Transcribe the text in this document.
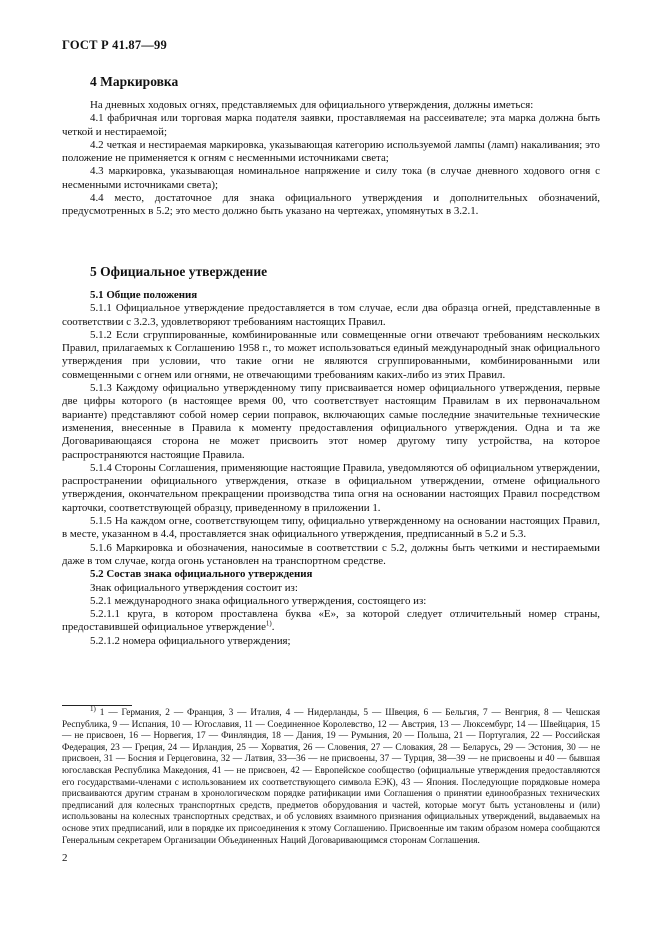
ГОСТ Р 41.87—99
4 Маркировка

На дневных ходовых огнях, представляемых для официального утверждения, должны иметься:

4.1 фабричная или торговая марка подателя заявки, проставляемая на рассеивателе; эта марка должна быть четкой и нестираемой;

4.2 четкая и нестираемая маркировка, указывающая категорию используемой лампы (ламп) накаливания; это положение не применяется к огням с несменными источниками света;

4.3 маркировка, указывающая номинальное напряжение и силу тока (в случае дневного ходового огня с несменными источниками света);

4.4 место, достаточное для знака официального утверждения и дополнительных обозначений, предусмотренных в 5.2; это место должно быть указано на чертежах, упомянутых в 3.2.1.

5 Официальное утверждение

5.1 Общие положения

5.1.1 Официальное утверждение предоставляется в том случае, если два образца огней, представленные в соответствии с 3.2.3, удовлетворяют требованиям настоящих Правил.

5.1.2 Если сгруппированные, комбинированные или совмещенные огни отвечают требованиям нескольких Правил, прилагаемых к Соглашению 1958 г., то может использоваться единый международный знак официального утверждения при условии, что такие огни не являются сгруппированными, комбинированными или совмещенными с огнем или огнями, не отвечающими требованиям каких-либо из этих Правил.

5.1.3 Каждому официально утвержденному типу присваивается номер официального утверждения, первые две цифры которого (в настоящее время 00, что соответствует настоящим Правилам в их первоначальном варианте) представляют собой номер серии поправок, включающих самые последние значительные технические изменения, внесенные в Правила к моменту предоставления официального утверждения. Одна и та же Договаривающаяся сторона не может присвоить этот номер другому типу устройства, на которое распространяются настоящие Правила.

5.1.4 Стороны Соглашения, применяющие настоящие Правила, уведомляются об официальном утверждении, распространении официального утверждения, отказе в официальном утверждении, отмене официального утверждения, окончательном прекращении производства типа огня на основании настоящих Правил посредством карточки, соответствующей образцу, приведенному в приложении 1.

5.1.5 На каждом огне, соответствующем типу, официально утвержденному на основании настоящих Правил, в месте, указанном в 4.4, проставляется знак официального утверждения, предписанный в 5.2 и 5.3.

5.1.6 Маркировка и обозначения, наносимые в соответствии с 5.2, должны быть четкими и нестираемыми даже в том случае, когда огонь установлен на транспортном средстве.

5.2 Состав знака официального утверждения

Знак официального утверждения состоит из:

5.2.1 международного знака официального утверждения, состоящего из:

5.2.1.1 круга, в котором проставлена буква «Е», за которой следует отличительный номер страны, предоставившей официальное утверждение$^{1)}$.

5.2.1.2 номера официального утверждения;

$^{1)}$ 1 — Германия, 2 — Франция, 3 — Италия, 4 — Нидерланды, 5 — Швеция, 6 — Бельгия, 7 — Венгрия, 8 — Чешская Республика, 9 — Испания, 10 — Югославия, 11 — Соединенное Королевство, 12 — Австрия, 13 — Люксембург, 14 — Швейцария, 15 — не присвоен, 16 — Норвегия, 17 — Финляндия, 18 — Дания, 19 — Румыния, 20 — Польша, 21 — Португалия, 22 — Российская Федерация, 23 — Греция, 24 — Ирландия, 25 — Хорватия, 26 — Словения, 27 — Словакия, 28 — Беларусь, 29 — Эстония, 30 — не присвоен, 31 — Босния и Герцеговина, 32 — Латвия, 33—36 — не присвоены, 37 — Турция, 38—39 — не присвоены и 40 — бывшая югославская Республика Македония, 41 — не присвоен, 42 — Европейское сообщество (официальные утверждения предоставляются его государствами-членами с использованием их соответствующего символа ЕЭК), 43 — Япония. Последующие порядковые номера присваиваются другим странам в хронологическом порядке ратификации ими Соглашения о принятии единообразных технических предписаний для колесных транспортных средств, предметов оборудования и частей, которые могут быть установлены и (или) использованы на колесных транспортных средствах, и об условиях взаимного признания официальных утверждений, выдаваемых на основе этих предписаний, или в порядке их присоединения к этому Соглашению. Присвоенные им таким образом номера сообщаются Генеральным секретарем Организации Объединенных Наций Договаривающимся сторонам Соглашения.

2
